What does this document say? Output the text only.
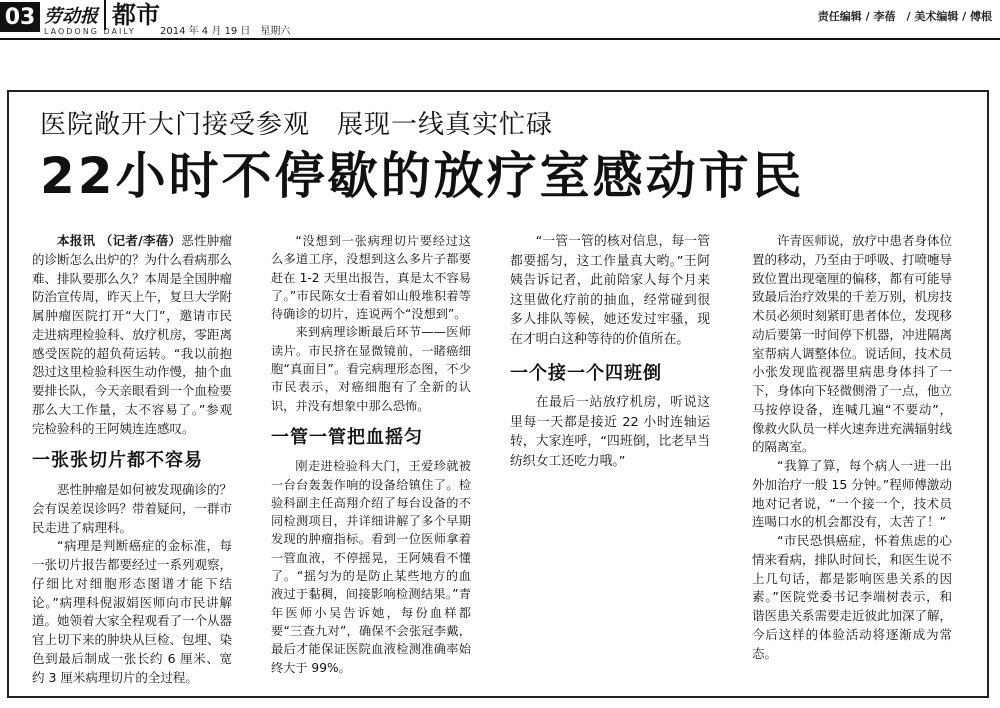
03 劳动报
LAODONG DAILY
都市
2014 年 4 月 19 日　星期六
责任编辑 / 李蓓　/ 美术编辑 / 傅根
医院敞开大门接受参观　展现一线真实忙碌
22小时不停歇的放疗室感动市民

本报讯 （记者/李蓓）恶性肿瘤的诊断怎么出炉的？为什么看病那么难、排队要那么久？本周是全国肿瘤防治宣传周，昨天上午，复旦大学附属肿瘤医院打开“大门”，邀请市民走进病理检验科、放疗机房，零距离感受医院的超负荷运转。“我以前抱怨过这里检验科医生动作慢，抽个血要排长队，今天亲眼看到一个血检要那么大工作量，太不容易了。”参观完检验科的王阿姨连连感叹。

一张张切片都不容易

恶性肿瘤是如何被发现确诊的？会有误差误诊吗？带着疑问，一群市民走进了病理科。

“病理是判断癌症的金标准，每一张切片报告都要经过一系列观察，仔细比对细胞形态图谱才能下结论。”病理科倪淑娟医师向市民讲解道。她领着大家全程观看了一个从器官上切下来的肿块从巨检、包埋、染色到最后制成一张长约 6 厘米、宽约 3 厘米病理切片的全过程。

“没想到一张病理切片要经过这么多道工序，没想到这么多片子都要赶在 1-2 天里出报告，真是太不容易了。”市民陈女士看着如山般堆积着等待确诊的切片，连说两个“没想到”。

来到病理诊断最后环节——医师读片。市民挤在显微镜前，一睹癌细胞“真面目”。看完病理形态图，不少市民表示，对癌细胞有了全新的认识，并没有想象中那么恐怖。

一管一管把血摇匀

刚走进检验科大门，王爱珍就被一台台轰轰作响的设备给镇住了。检验科副主任高翔介绍了每台设备的不同检测项目，并详细讲解了多个早期发现的肿瘤指标。看到一位医师拿着一管血液，不停摇晃，王阿姨看不懂了。“摇匀为的是防止某些地方的血液过于黏稠，间接影响检测结果。”青年医师小吴告诉她，每份血样都要“三查九对”，确保不会张冠李戴，最后才能保证医院血液检测准确率始终大于 99%。

“一管一管的核对信息，每一管都要摇匀，这工作量真大哟。”王阿姨告诉记者，此前陪家人每个月来这里做化疗前的抽血，经常碰到很多人排队等候，她还发过牢骚，现在才明白这种等待的价值所在。

一个接一个四班倒

在最后一站放疗机房，听说这里每一天都是接近 22 小时连轴运转，大家连呼，“四班倒，比老早当纺织女工还吃力哦。”

许青医师说，放疗中患者身体位置的移动，乃至由于呼吸、打喷嚏导致位置出现毫厘的偏移，都有可能导致最后治疗效果的千差万别，机房技术员必须时刻紧盯患者体位，发现移动后要第一时间停下机器，冲进隔离室帮病人调整体位。说话间，技术员小张发现监视器里病患身体抖了一下，身体向下轻微侧滑了一点，他立马按停设备，连喊几遍“不要动”，像救火队员一样火速奔进充满辐射线的隔离室。

“我算了算，每个病人一进一出外加治疗一般 15 分钟。”程师傅激动地对记者说，“一个接一个，技术员连喝口水的机会都没有，太苦了！”

“市民恐惧癌症，怀着焦虑的心情来看病，排队时间长，和医生说不上几句话，都是影响医患关系的因素。”医院党委书记李端树表示，和谐医患关系需要走近彼此加深了解，今后这样的体验活动将逐渐成为常态。
